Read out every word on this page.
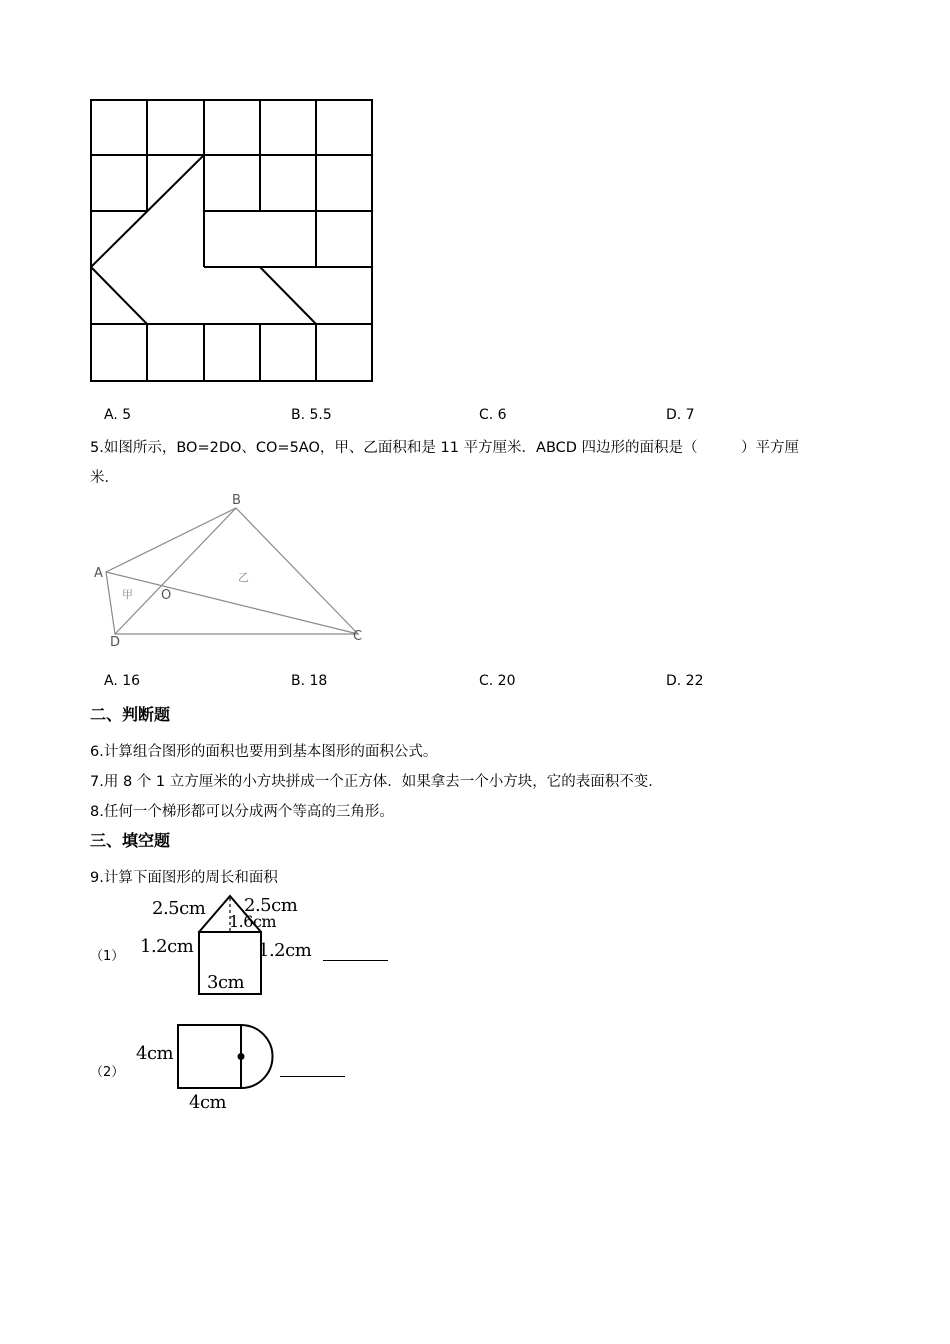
A. 5	B. 5.5	C. 6	D. 7
5.如图所示，BO=2DO、CO=5AO，甲、乙面积和是 11 平方厘米．ABCD 四边形的面积是（　　　）平方厘
米．
A
B
C
D
O
甲
乙
A. 16	B. 18	C. 20	D. 22
二、判断题
6.计算组合图形的面积也要用到基本图形的面积公式。
7.用 8 个 1 立方厘米的小方块拼成一个正方体．如果拿去一个小方块，它的表面积不变．
8.任何一个梯形都可以分成两个等高的三角形。
三、填空题
9.计算下面图形的周长和面积
（1）
2.5cm 2.5cm
1.6cm
1.2cm	1.2cm
3cm
（2）
4cm
4cm
